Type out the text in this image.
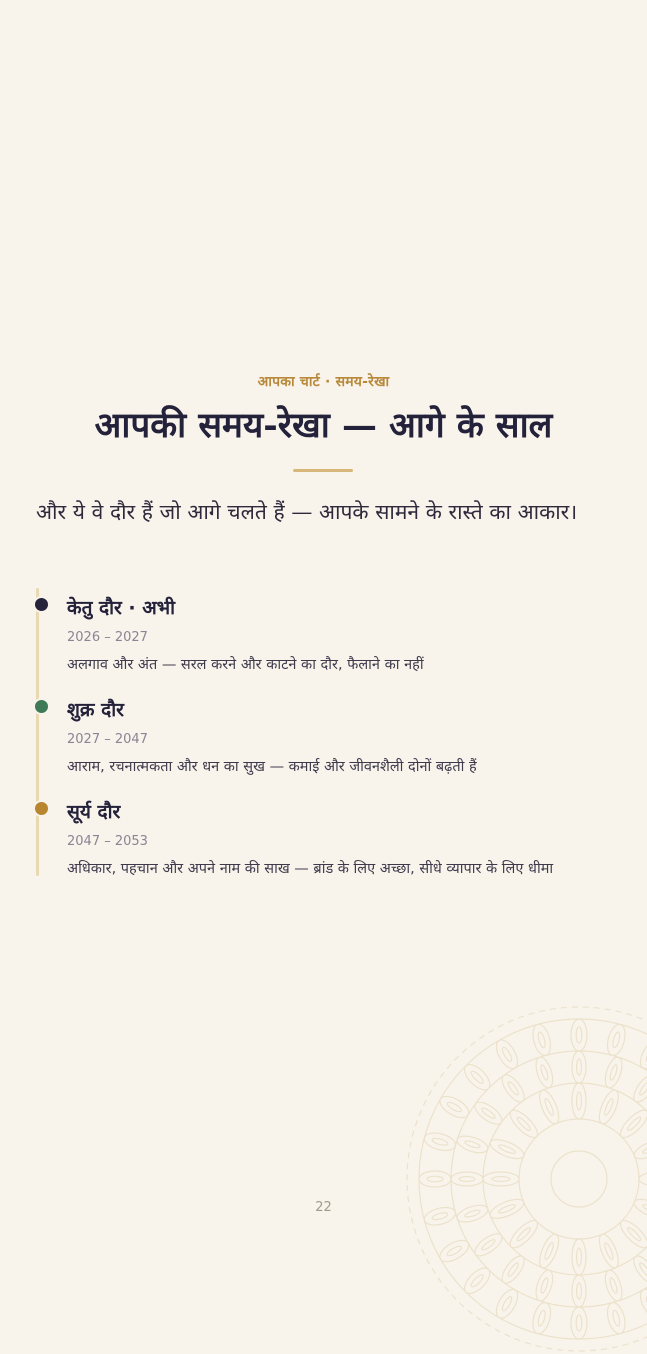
आपका चार्ट · समय-रेखा
आपकी समय-रेखा — आगे के साल

और ये वे दौर हैं जो आगे चलते हैं — आपके सामने के रास्ते का आकार।

केतु दौर · अभी
2026 – 2027
अलगाव और अंत — सरल करने और काटने का दौर, फैलाने का नहीं
शुक्र दौर
2027 – 2047
आराम, रचनात्मकता और धन का सुख — कमाई और जीवनशैली दोनों बढ़ती हैं
सूर्य दौर
2047 – 2053
अधिकार, पहचान और अपने नाम की साख — ब्रांड के लिए अच्छा, सीधे व्यापार के लिए धीमा
22
